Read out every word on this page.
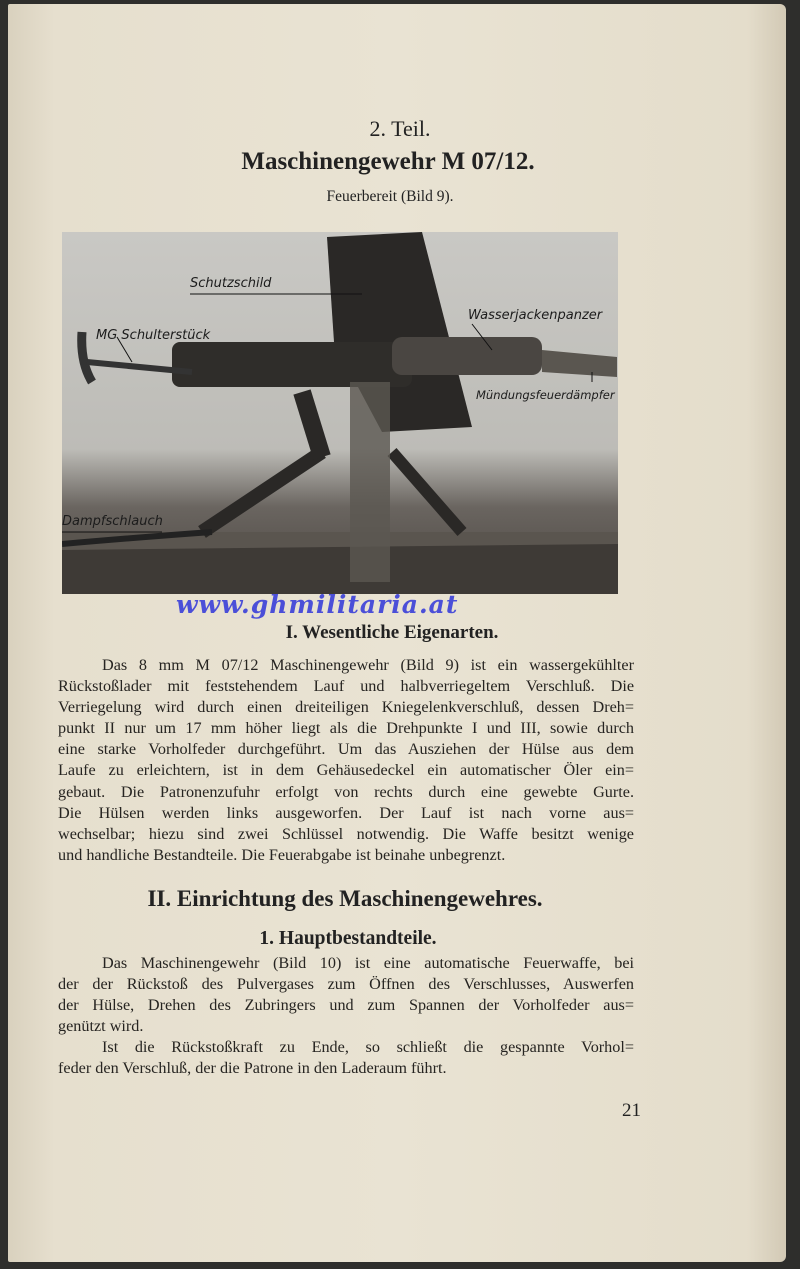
2. Teil.
Maschinengewehr M 07/12.
Feuerbereit (Bild 9).
Schutzschild
MG Schulterstück
Wasserjackenpanzer
Mündungsfeuerdämpfer
Dampfschlauch
www.ghmilitaria.at
I. Wesentliche Eigenarten.
Das 8 mm M 07/12 Maschinengewehr (Bild 9) ist ein wassergekühlter
Rückstoßlader mit feststehendem Lauf und halbverriegeltem Verschluß. Die
Verriegelung wird durch einen dreiteiligen Kniegelenkverschluß, dessen Dreh=
punkt II nur um 17 mm höher liegt als die Drehpunkte I und III, sowie durch
eine starke Vorholfeder durchgeführt. Um das Ausziehen der Hülse aus dem
Laufe zu erleichtern, ist in dem Gehäusedeckel ein automatischer Öler ein=
gebaut. Die Patronenzufuhr erfolgt von rechts durch eine gewebte Gurte.
Die Hülsen werden links ausgeworfen. Der Lauf ist nach vorne aus=
wechselbar; hiezu sind zwei Schlüssel notwendig. Die Waffe besitzt wenige
und handliche Bestandteile. Die Feuerabgabe ist beinahe unbegrenzt.
II. Einrichtung des Maschinengewehres.
1. Hauptbestandteile.
Das Maschinengewehr (Bild 10) ist eine automatische Feuerwaffe, bei
der der Rückstoß des Pulvergases zum Öffnen des Verschlusses, Auswerfen
der Hülse, Drehen des Zubringers und zum Spannen der Vorholfeder aus=
genützt wird.
Ist die Rückstoßkraft zu Ende, so schließt die gespannte Vorhol=
feder den Verschluß, der die Patrone in den Laderaum führt.
21
